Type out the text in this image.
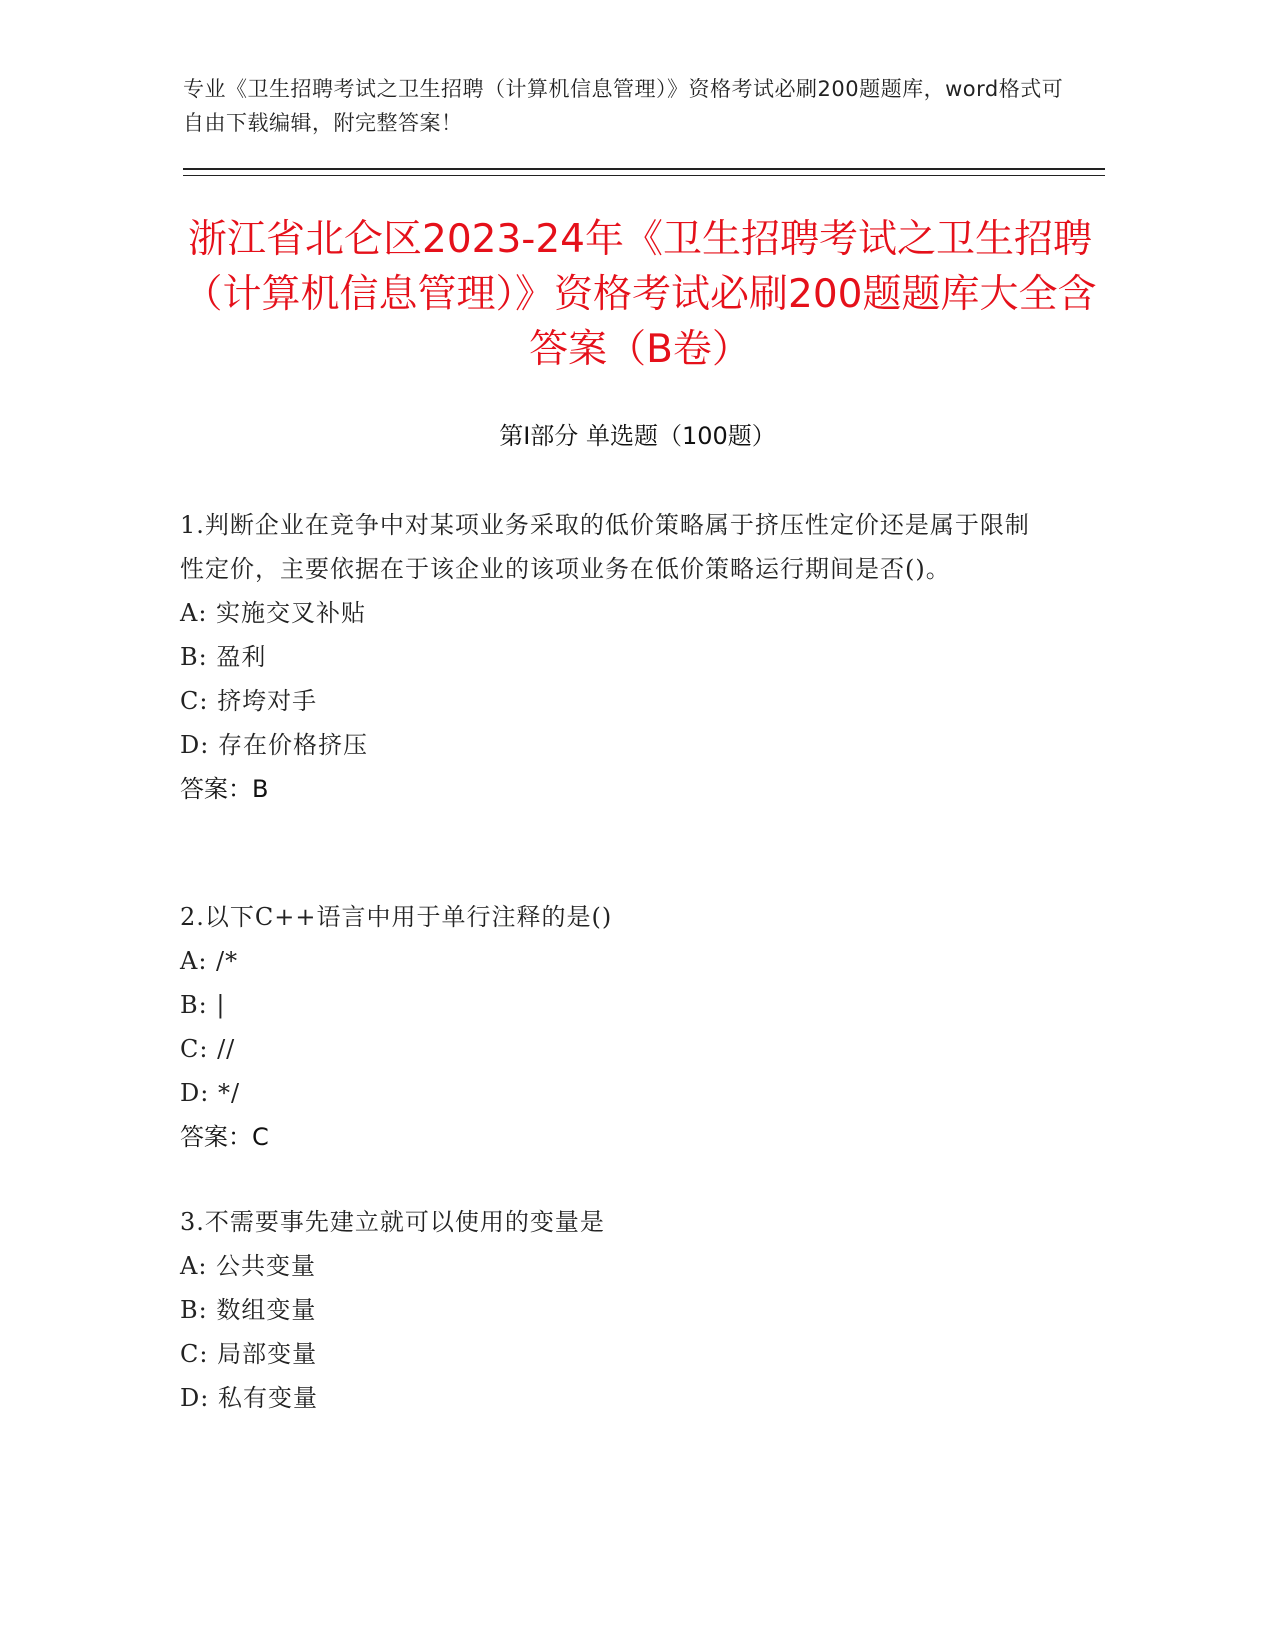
专业《卫生招聘考试之卫生招聘（计算机信息管理）》资格考试必刷200题题库，word格式可自由下载编辑，附完整答案！
浙江省北仑区2023-24年《卫生招聘考试之卫生招聘（计算机信息管理）》资格考试必刷200题题库大全含答案（B卷）
第Ⅰ部分 单选题（100题）

1.判断企业在竞争中对某项业务采取的低价策略属于挤压性定价还是属于限制性定价，主要依据在于该企业的该项业务在低价策略运行期间是否()。

A: 实施交叉补贴
B: 盈利
C: 挤垮对手
D: 存在价格挤压
答案：B

2.以下C++语言中用于单行注释的是()

A: /*
B: |
C: //
D: */
答案：C

3.不需要事先建立就可以使用的变量是

A: 公共变量
B: 数组变量
C: 局部变量
D: 私有变量
